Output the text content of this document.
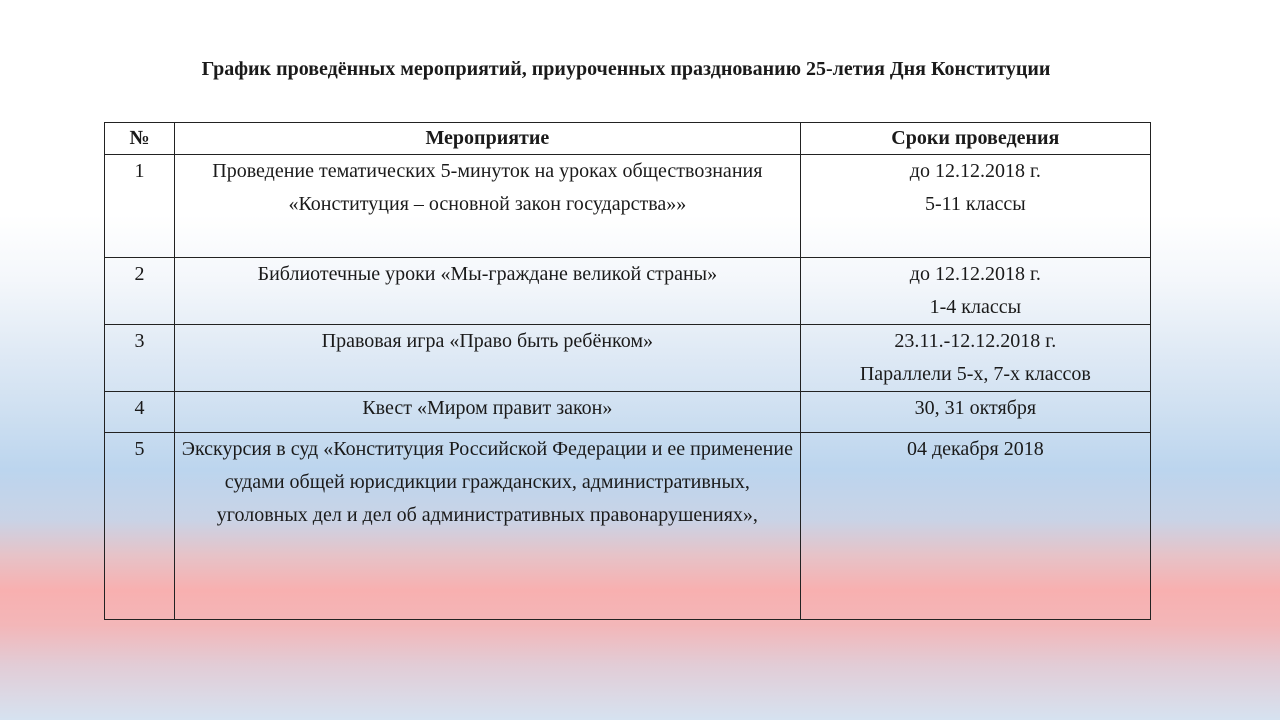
График проведённых мероприятий, приуроченных празднованию 25-летия Дня Конституции
№	Мероприятие	Сроки проведения
1	Проведение тематических 5-минуток на уроках обществознания «Конституция – основной закон государства»»	до 12.12.2018 г.
5-11 классы

2	Библиотечные уроки «Мы-граждане великой страны»	до 12.12.2018 г.
1-4 классы

3	Правовая игра «Право быть ребёнком»	23.11.-12.12.2018 г.
Параллели 5-х, 7-х классов

4	Квест «Миром правит закон»	30, 31 октября

5	Экскурсия в суд «Конституция Российской Федерации и ее применение судами общей юрисдикции гражданских, административных, уголовных дел и дел об административных правонарушениях»,	04 декабря 2018
